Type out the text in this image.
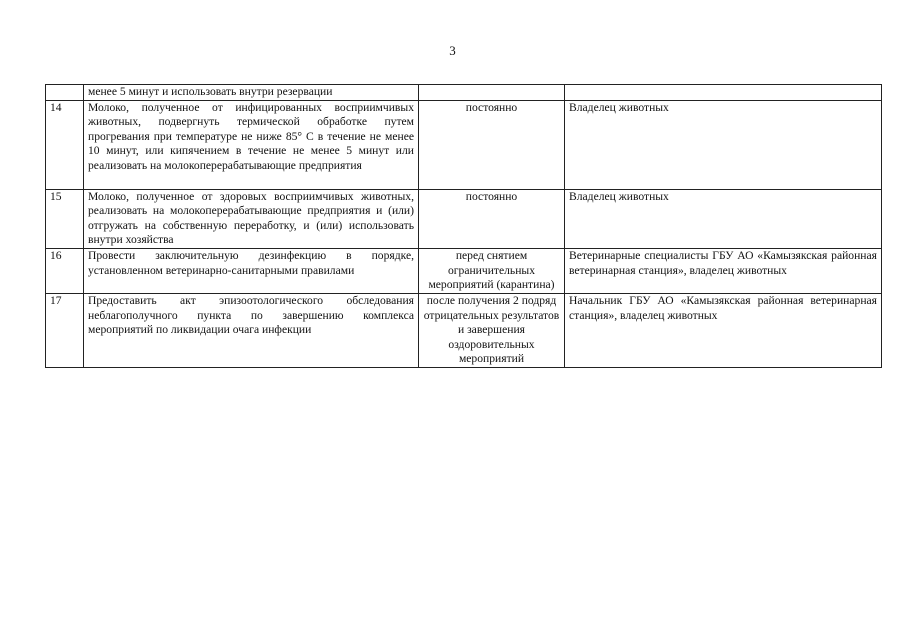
3
	менее 5 минут и использовать внутри резервации		
14	Молоко, полученное от инфицированных восприимчивых животных, подвергнуть термической обработке путем прогревания при температуре не ниже 85° С в течение не менее 10 минут, или кипячением в течение не менее 5 минут или реализовать на молокоперерабатывающие предприятия	постоянно	Владелец животных
15	Молоко, полученное от здоровых восприимчивых животных, реализовать на молокоперерабатывающие предприятия и (или) отгружать на собственную переработку, и (или) использовать внутри хозяйства	постоянно	Владелец животных
16	Провести заключительную дезинфекцию в порядке, установленном ветеринарно-санитарными правилами	перед снятием ограничительных мероприятий (карантина)	Ветеринарные специалисты ГБУ АО «Камызякская районная ветеринарная станция», владелец животных
17	Предоставить акт эпизоотологического обследования неблагополучного пункта по завершению комплекса мероприятий по ликвидации очага инфекции	после получения 2 подряд отрицательных результатов и завершения оздоровительных мероприятий	Начальник ГБУ АО «Камызякская районная ветеринарная станция», владелец животных
